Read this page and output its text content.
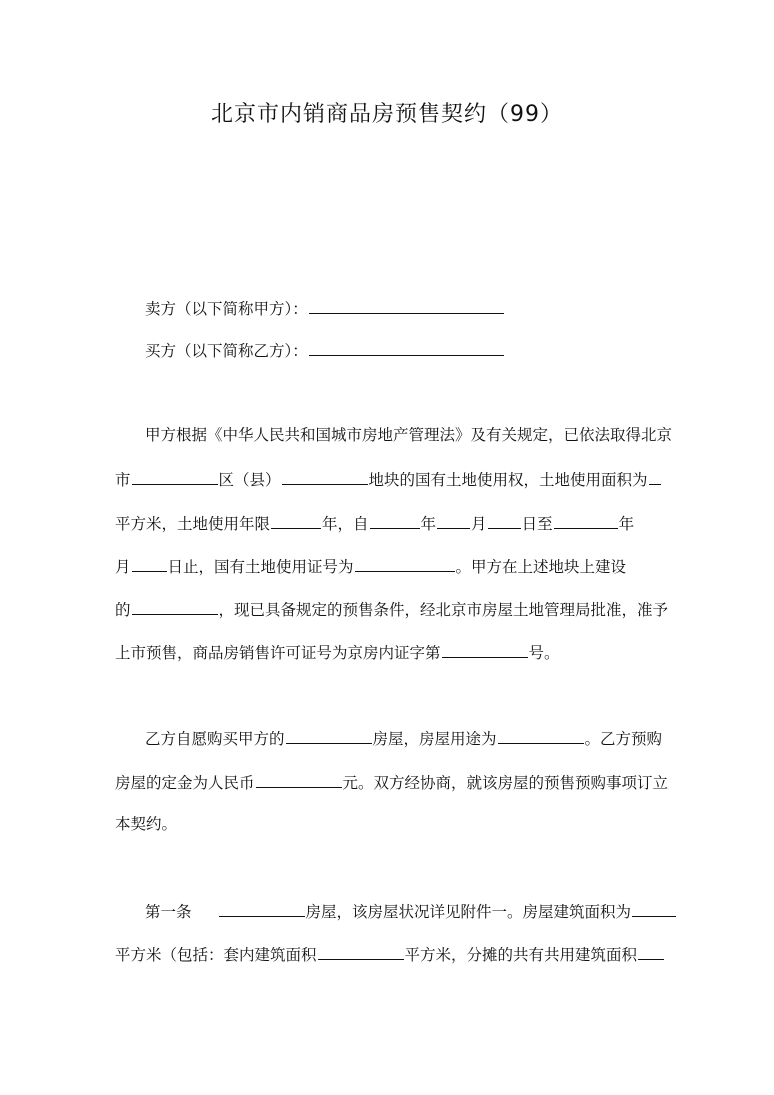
北京市内销商品房预售契约（99）
卖方（以下简称甲方）：
买方（以下简称乙方）：
甲方根据《中华人民共和国城市房地产管理法》及有关规定，已依法取得北京
市	区（县）	地块的国有土地使用权，土地使用面积为
平方米，土地使用年限	年，自	年 月 日至	年
月 日止，国有土地使用证号为	。甲方在上述地块上建设
的	，现已具备规定的预售条件，经北京市房屋土地管理局批准，准予
上市预售，商品房销售许可证号为京房内证字第	号。
乙方自愿购买甲方的	房屋，房屋用途为	。乙方预购
房屋的定金为人民币	元。双方经协商，就该房屋的预售预购事项订立
本契约。
第一条	房屋，该房屋状况详见附件一。房屋建筑面积为
平方米（包括：套内建筑面积	平方米，分摊的共有共用建筑面积
